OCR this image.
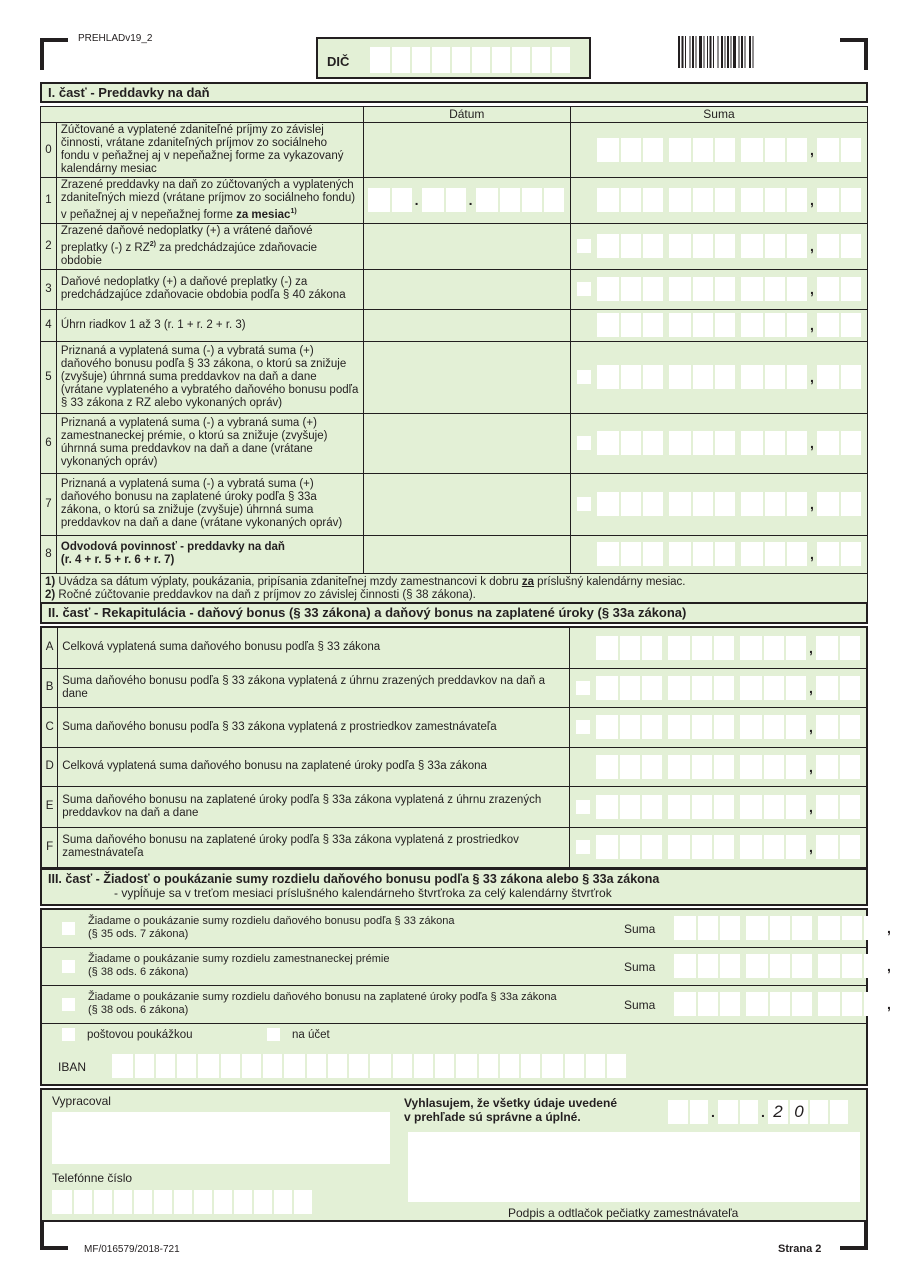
PREHLADv19_2
DIČ
I. časť - Preddavky na daň
		Dátum	Suma
0	Zúčtované a vyplatené zdaniteľné príjmy zo závislej činnosti, vrátane zdaniteľných príjmov zo sociálneho fondu v peňažnej aj v nepeňažnej forme za vykazovaný kalendárny mesiac		,

1	Zrazené preddavky na daň zo zúčtovaných a vyplatených zdaniteľných miezd (vrátane príjmov zo sociálneho fondu) v peňažnej aj v nepeňažnej forme za mesiac$^{1)}$	. .	,

2	Zrazené daňové nedoplatky (+) a vrátené daňové preplatky (-) z RZ$^{2)}$ za predchádzajúce zdaňovacie obdobie		,

3	Daňové nedoplatky (+) a daňové preplatky (-) za predchádzajúce zdaňovacie obdobia podľa § 40 zákona		,

4	Úhrn riadkov 1 až 3 (r. 1 + r. 2 + r. 3)		,

5	Priznaná a vyplatená suma (-) a vybratá suma (+) daňového bonusu podľa § 33 zákona, o ktorú sa znižuje (zvyšuje) úhrnná suma preddavkov na daň a dane (vrátane vyplateného a vybratého daňového bonusu podľa § 33 zákona z RZ alebo vykonaných opráv)		,

6	Priznaná a vyplatená suma (-) a vybraná suma (+) zamestnaneckej prémie, o ktorú sa znižuje (zvyšuje) úhrnná suma preddavkov na daň a dane (vrátane vykonaných opráv)		,

7	Priznaná a vyplatená suma (-) a vybratá suma (+) daňového bonusu na zaplatené úroky podľa § 33a zákona, o ktorú sa znižuje (zvyšuje) úhrnná suma preddavkov na daň a dane (vrátane vykonaných opráv)		,

8	Odvodová povinnosť - preddavky na daň
(r. 4 + r. 5 + r. 6 + r. 7)		,

1) Uvádza sa dátum výplaty, poukázania, pripísania zdaniteľnej mzdy zamestnancovi k dobru za príslušný kalendárny mesiac.
2) Ročné zúčtovanie preddavkov na daň z príjmov zo závislej činnosti (§ 38 zákona).			
II. časť - Rekapitulácia - daňový bonus (§ 33 zákona) a daňový bonus na zaplatené úroky (§ 33a zákona)
A	Celková vyplatená suma daňového bonusu podľa § 33 zákona	,

B	Suma daňového bonusu podľa § 33 zákona vyplatená z úhrnu zrazených preddavkov na daň a dane	,

C	Suma daňového bonusu podľa § 33 zákona vyplatená z prostriedkov zamestnávateľa	,

D	Celková vyplatená suma daňového bonusu na zaplatené úroky podľa § 33a zákona	,

E	Suma daňového bonusu na zaplatené úroky podľa § 33a zákona vyplatená z úhrnu zrazených preddavkov na daň a dane	,

F	Suma daňového bonusu na zaplatené úroky podľa § 33a zákona vyplatená z prostriedkov zamestnávateľa	,
III. časť - Žiadosť o poukázanie sumy rozdielu daňového bonusu podľa § 33 zákona alebo § 33a zákona
- vypĺňuje sa v treťom mesiaci príslušného kalendárneho štvrťroka za celý kalendárny štvrťrok
Žiadame o poukázanie sumy rozdielu daňového bonusu podľa § 33 zákona
(§ 35 ods. 7 zákona)	Suma	,
Žiadame o poukázanie sumy rozdielu zamestnaneckej prémie
(§ 38 ods. 6 zákona)	Suma	,
Žiadame o poukázanie sumy rozdielu daňového bonusu na zaplatené úroky podľa § 33a zákona
(§ 38 ods. 6 zákona)	Suma	,
poštovou poukážkou	na účet
IBAN
Vypracoval
Telefónne číslo
Vyhlasujem, že všetky údaje uvedené
v prehľade sú správne a úplné.	.	. 2 0
Podpis a odtlačok pečiatky zamestnávateľa
MF/016579/2018-721	Strana 2
